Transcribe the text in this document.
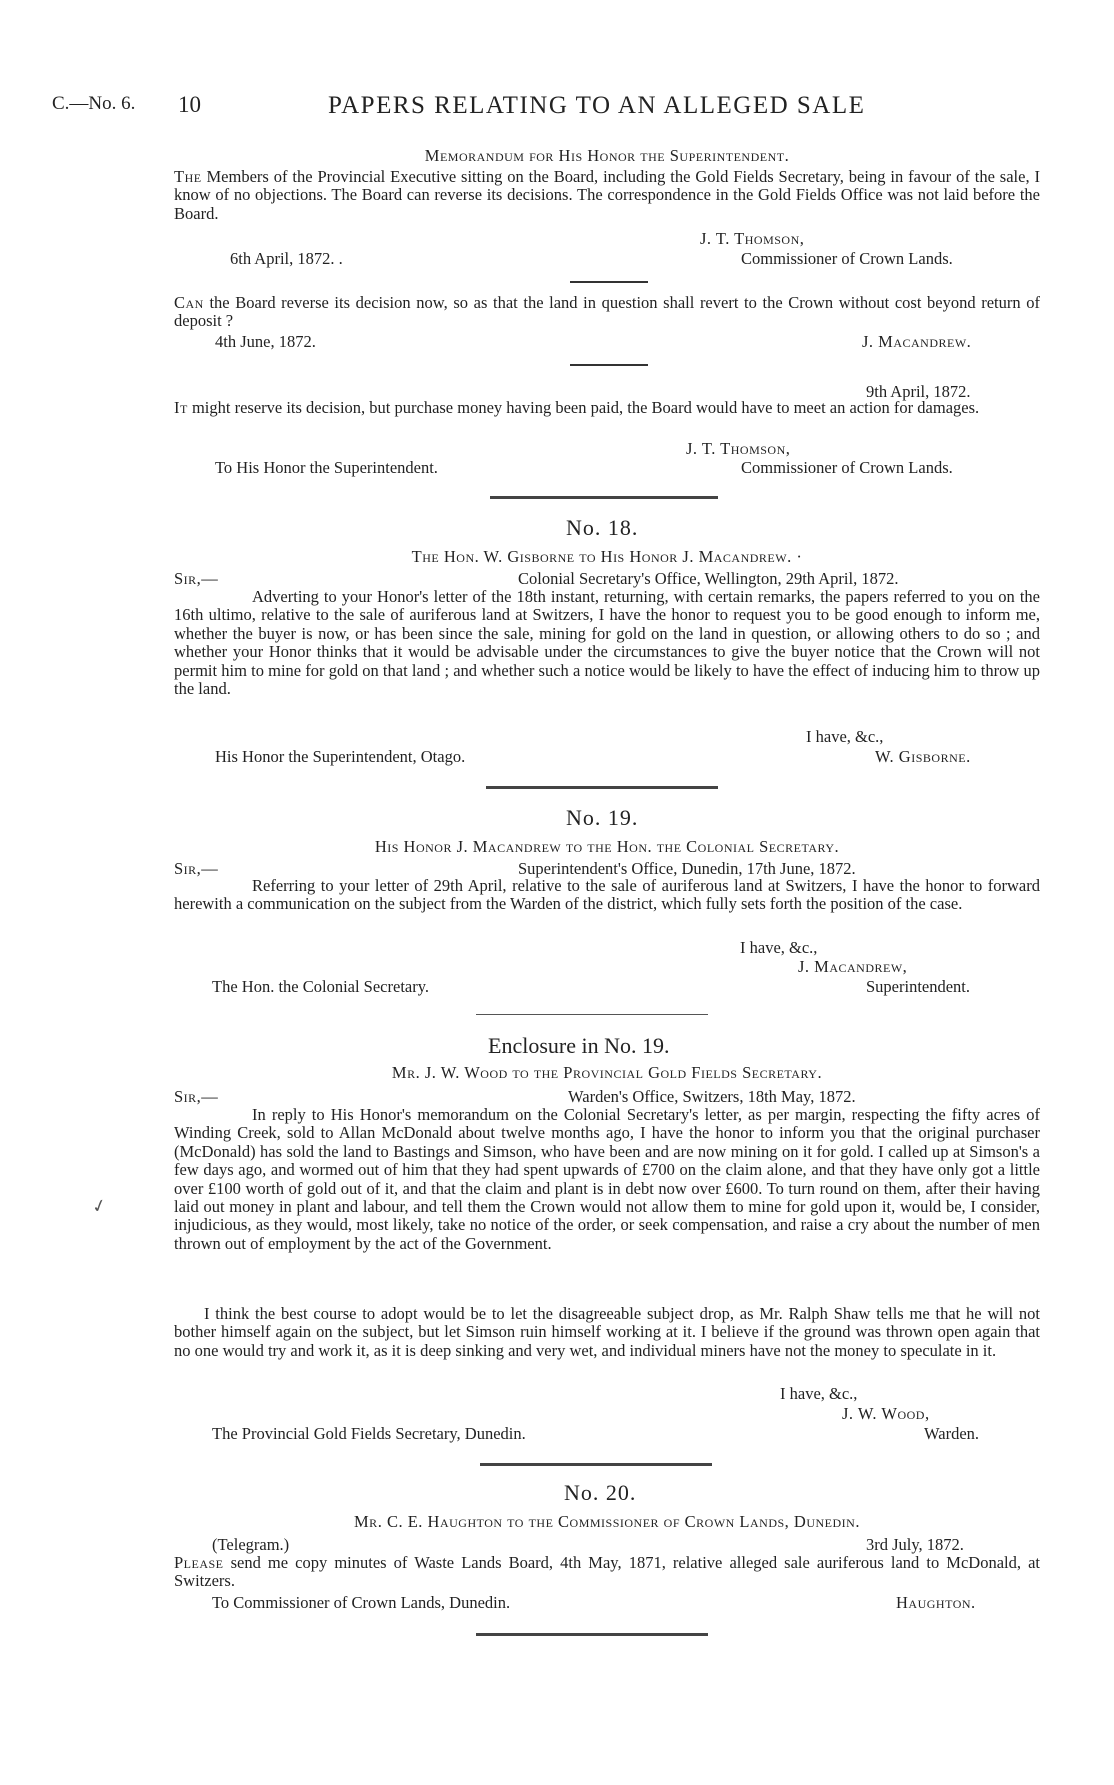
C.—No. 6. 10	PAPERS RELATING TO AN ALLEGED SALE
Memorandum for His Honor the Superintendent.
The Members of the Provincial Executive sitting on the Board, including the Gold Fields Secretary, being in favour of the sale, I know of no objections. The Board can reverse its decisions. The correspondence in the Gold Fields Office was not laid before the Board.
J. T. Thomson,
6th April, 1872. .	Commissioner of Crown Lands.
Can the Board reverse its decision now, so as that the land in question shall revert to the Crown without cost beyond return of deposit ?
4th June, 1872.	J. Macandrew.
9th April, 1872.
It might reserve its decision, but purchase money having been paid, the Board would have to meet an action for damages.
J. T. Thomson,
To His Honor the Superintendent.	Commissioner of Crown Lands.
No. 18.
The Hon. W. Gisborne to His Honor J. Macandrew. ·
Sir,—	Colonial Secretary's Office, Wellington, 29th April, 1872.
Adverting to your Honor's letter of the 18th instant, returning, with certain remarks, the papers referred to you on the 16th ultimo, relative to the sale of auriferous land at Switzers, I have the honor to request you to be good enough to inform me, whether the buyer is now, or has been since the sale, mining for gold on the land in question, or allowing others to do so ; and whether your Honor thinks that it would be advisable under the circumstances to give the buyer notice that the Crown will not permit him to mine for gold on that land ; and whether such a notice would be likely to have the effect of inducing him to throw up the land.
I have, &c.,
His Honor the Superintendent, Otago.	W. Gisborne.
No. 19.
His Honor J. Macandrew to the Hon. the Colonial Secretary.
Sir,—	Superintendent's Office, Dunedin, 17th June, 1872.
Referring to your letter of 29th April, relative to the sale of auriferous land at Switzers, I have the honor to forward herewith a communication on the subject from the Warden of the district, which fully sets forth the position of the case.
I have, &c.,
J. Macandrew,
The Hon. the Colonial Secretary.	Superintendent.
Enclosure in No. 19.
Mr. J. W. Wood to the Provincial Gold Fields Secretary.
Sir,—	Warden's Office, Switzers, 18th May, 1872.
In reply to His Honor's memorandum on the Colonial Secretary's letter, as per margin, respecting the fifty acres of Winding Creek, sold to Allan McDonald about twelve months ago, I have the honor to inform you that the original purchaser (McDonald) has sold the land to Bastings and Simson, who have been and are now mining on it for gold. I called up at Simson's a few days ago, and wormed out of him that they had spent upwards of £700 on the claim alone, and that they have only got a little over £100 worth of gold out of it, and that the claim and plant is in debt now over £600. To turn round on them, after their having laid out money in plant and labour, and tell them the Crown would not allow them to mine for gold upon it, would be, I consider, injudicious, as they would, most likely, take no notice of the order, or seek compensation, and raise a cry about the number of men thrown out of employment by the act of the Government.
I think the best course to adopt would be to let the disagreeable subject drop, as Mr. Ralph Shaw tells me that he will not bother himself again on the subject, but let Simson ruin himself working at it. I believe if the ground was thrown open again that no one would try and work it, as it is deep sinking and very wet, and individual miners have not the money to speculate in it.
I have, &c.,
J. W. Wood,
The Provincial Gold Fields Secretary, Dunedin.	Warden.
No. 20.
Mr. C. E. Haughton to the Commissioner of Crown Lands, Dunedin.
(Telegram.)	3rd July, 1872.
Please send me copy minutes of Waste Lands Board, 4th May, 1871, relative alleged sale auriferous land to McDonald, at Switzers.
To Commissioner of Crown Lands, Dunedin.	Haughton.
✓
